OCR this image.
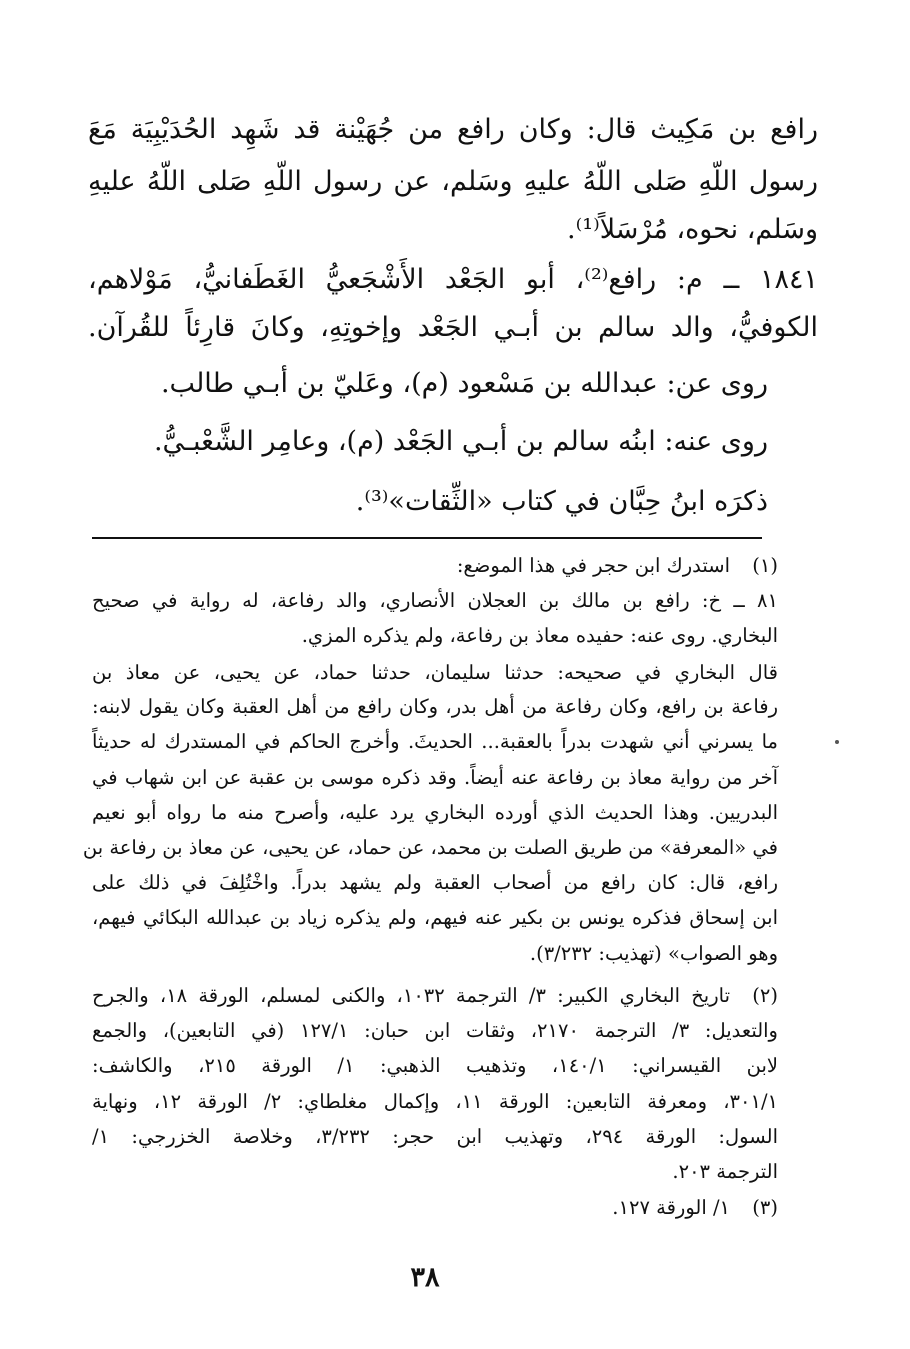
رافع بن مَكِيث قال: وكان رافع من جُهَيْنة قد شَهِد الحُدَيْبِيَة مَعَ
رسول اللّهِ صَلى اللّهُ عليهِ وسَلم، عن رسول اللّهِ صَلى اللّهُ عليهِ
وسَلم، نحوه، مُرْسَلاً⁽¹⁾.
١٨٤١ ــ م: رافع⁽²⁾، أبو الجَعْد الأَشْجَعيُّ الغَطَفانيُّ، مَوْلاهم،
الكوفيُّ، والد سالم بن أبـي الجَعْد وإخوتِهِ، وكانَ قارِئاً للقُرآن.
روى عن: عبدالله بن مَسْعود (م)، وعَليّ بن أبـي طالب.
روى عنه: ابنُه سالم بن أبـي الجَعْد (م)، وعامِر الشَّعْبـيُّ.
ذكرَه ابنُ حِبَّان في كتاب «الثِّقات»⁽³⁾.
(١)
استدرك ابن حجر في هذا الموضع:
٨١ ــ خ: رافع بن مالك بن العجلان الأنصاري، والد رفاعة، له رواية في صحيح
البخاري. روى عنه: حفيده معاذ بن رفاعة، ولم يذكره المزي.
قال البخاري في صحيحه: حدثنا سليمان، حدثنا حماد، عن يحيى، عن معاذ بن
رفاعة بن رافع، وكان رفاعة من أهل بدر، وكان رافع من أهل العقبة وكان يقول لابنه:
ما يسرني أني شهدت بدراً بالعقبة... الحديثَ. وأخرج الحاكم في المستدرك له حديثاً
آخر من رواية معاذ بن رفاعة عنه أيضاً. وقد ذكره موسى بن عقبة عن ابن شهاب في
البدريين. وهذا الحديث الذي أورده البخاري يرد عليه، وأصرح منه ما رواه أبو نعيم
في «المعرفة» من طريق الصلت بن محمد، عن حماد، عن يحيى، عن معاذ بن رفاعة بن
رافع، قال: كان رافع من أصحاب العقبة ولم يشهد بدراً. واخْتُلِفَ في ذلك على
ابن إسحاق فذكره يونس بن بكير عنه فيهم، ولم يذكره زياد بن عبدالله البكائي فيهم،
وهو الصواب» (تهذيب: ٣/٢٣٢).
(٢)
تاريخ البخاري الكبير: ٣/ الترجمة ١٠٣٢، والكنى لمسلم، الورقة ١٨، والجرح
والتعديل: ٣/ الترجمة ٢١٧٠، وثقات ابن حبان: ١٢٧/١ (في التابعين)، والجمع
لابن القيسراني: ١٤٠/١، وتذهيب الذهبي: ١/ الورقة ٢١٥، والكاشف:
٣٠١/١، ومعرفة التابعين: الورقة ١١، وإكمال مغلطاي: ٢/ الورقة ١٢، ونهاية
السول: الورقة ٢٩٤، وتهذيب ابن حجر: ٣/٢٣٢، وخلاصة الخزرجي: ١/
الترجمة ٢٠٣.
(٣)
١/ الورقة ١٢٧.
٣٨
